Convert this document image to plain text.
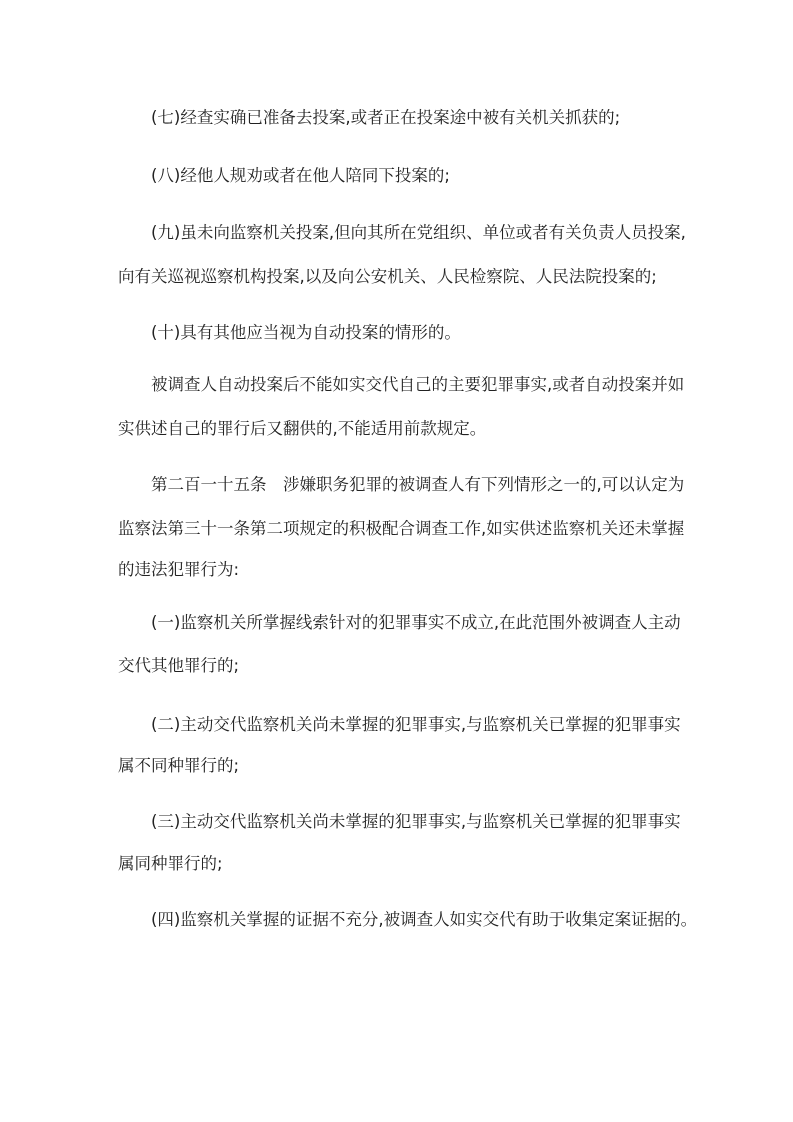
(七)经查实确已准备去投案,或者正在投案途中被有关机关抓获的;
(八)经他人规劝或者在他人陪同下投案的;
(九)虽未向监察机关投案,但向其所在党组织、单位或者有关负责人员投案,
向有关巡视巡察机构投案,以及向公安机关、人民检察院、人民法院投案的;
(十)具有其他应当视为自动投案的情形的。
被调查人自动投案后不能如实交代自己的主要犯罪事实,或者自动投案并如
实供述自己的罪行后又翻供的,不能适用前款规定。
第二百一十五条　涉嫌职务犯罪的被调查人有下列情形之一的,可以认定为
监察法第三十一条第二项规定的积极配合调查工作,如实供述监察机关还未掌握
的违法犯罪行为:
(一)监察机关所掌握线索针对的犯罪事实不成立,在此范围外被调查人主动
交代其他罪行的;
(二)主动交代监察机关尚未掌握的犯罪事实,与监察机关已掌握的犯罪事实
属不同种罪行的;
(三)主动交代监察机关尚未掌握的犯罪事实,与监察机关已掌握的犯罪事实
属同种罪行的;
(四)监察机关掌握的证据不充分,被调查人如实交代有助于收集定案证据的。
